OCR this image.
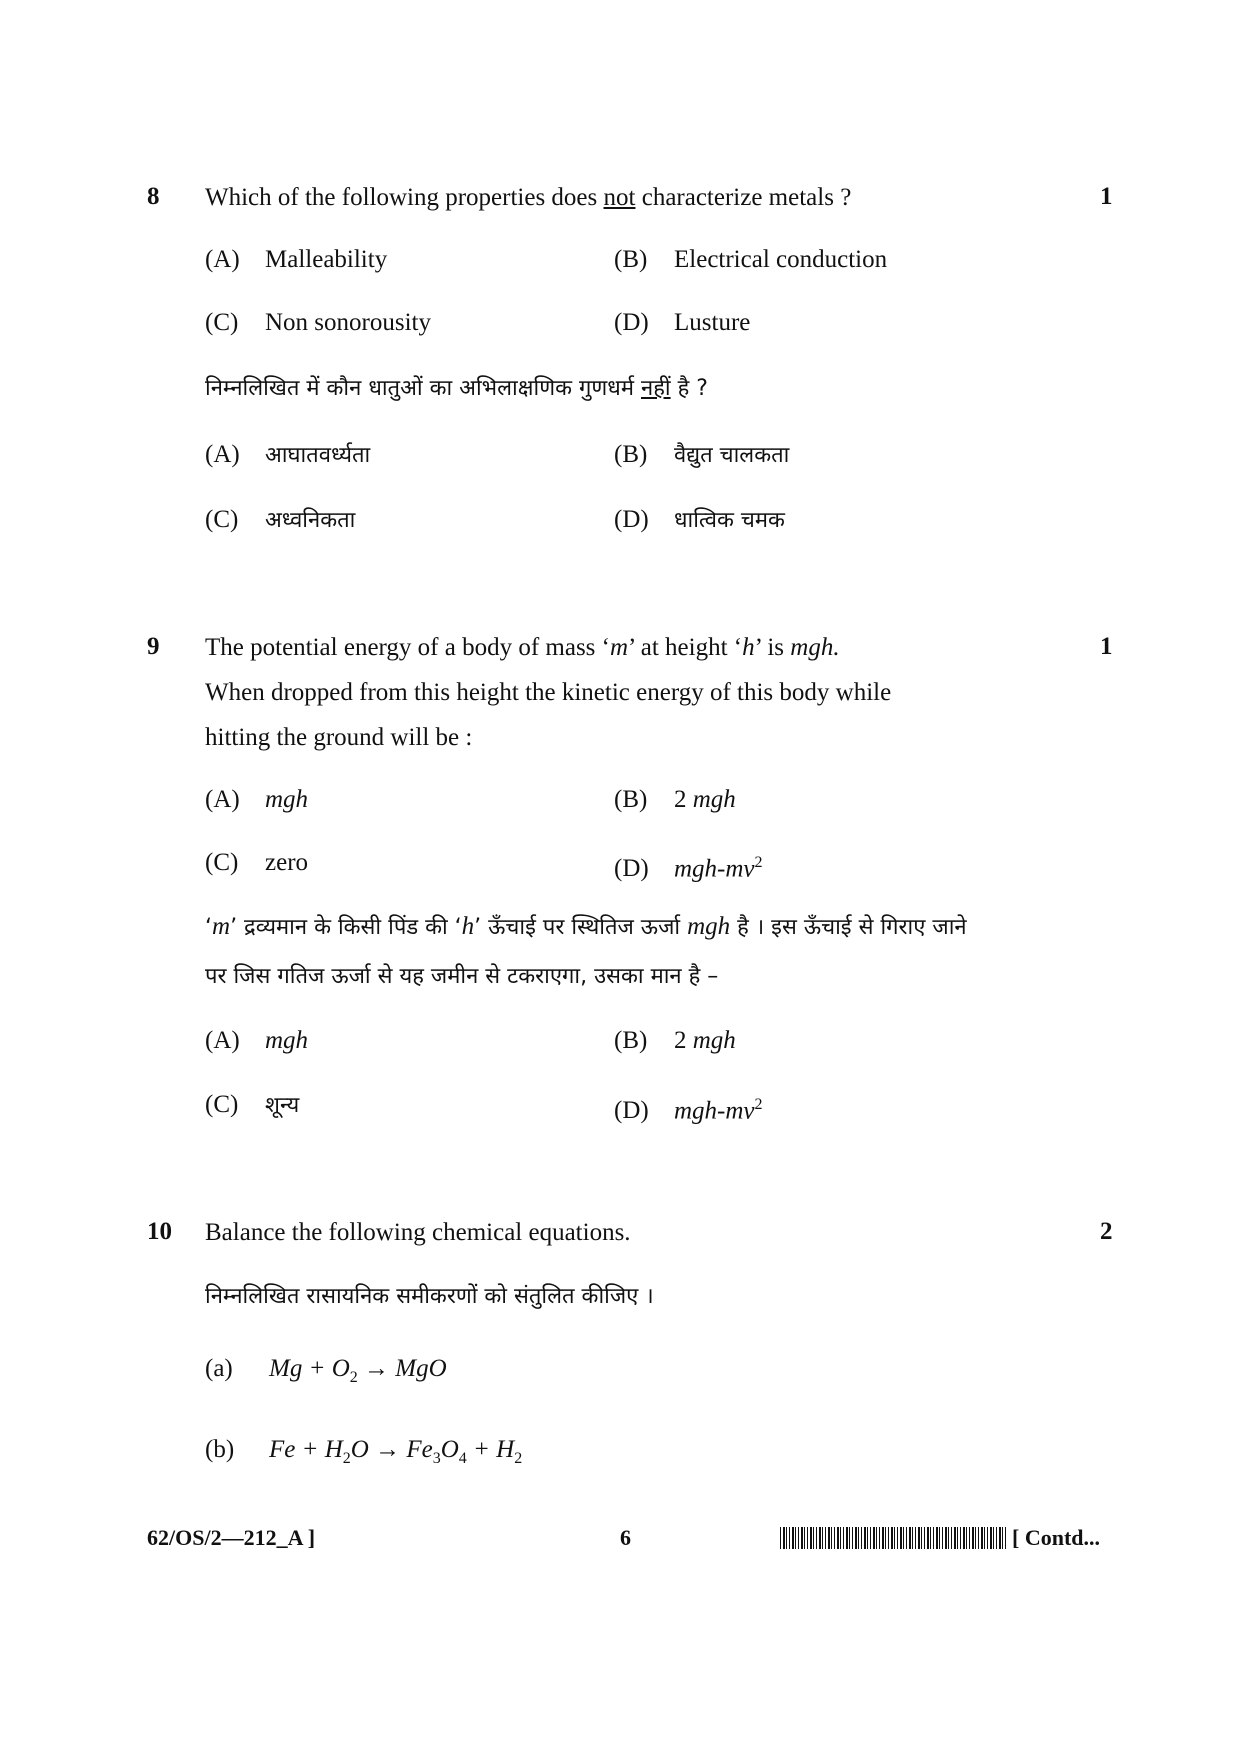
8 Which of the following properties does not characterize metals ?	1
(A) Malleability	(B) Electrical conduction
(C) Non sonorousity	(D) Lusture
निम्नलिखित में कौन धातुओं का अभिलाक्षणिक गुणधर्म नहीं है ?
(A) आघातवर्ध्यता	(B) वैद्युत चालकता
(C) अध्वनिकता	(D) धात्विक चमक
9 The potential energy of a body of mass ‘m’ at height ‘h’ is mgh.	1
When dropped from this height the kinetic energy of this body while
hitting the ground will be :
(A) mgh	(B) 2 mgh
(C) zero	(D) mgh-$mv^2$
‘m’ द्रव्यमान के किसी पिंड की ‘h’ ऊँचाई पर स्थितिज ऊर्जा mgh है । इस ऊँचाई से गिराए जाने
पर जिस गतिज ऊर्जा से यह जमीन से टकराएगा, उसका मान है –
(A) mgh	(B) 2 mgh
(C) शून्य	(D) mgh-$mv^2$
10 Balance the following chemical equations.	2
निम्नलिखित रासायनिक समीकरणों को संतुलित कीजिए ।
(a) $Mg + O_2$ → MgO
(b) $Fe + H_2O \to Fe_3O_4 + H_2$
62/OS/2—212_A ]	6	[ Contd...
